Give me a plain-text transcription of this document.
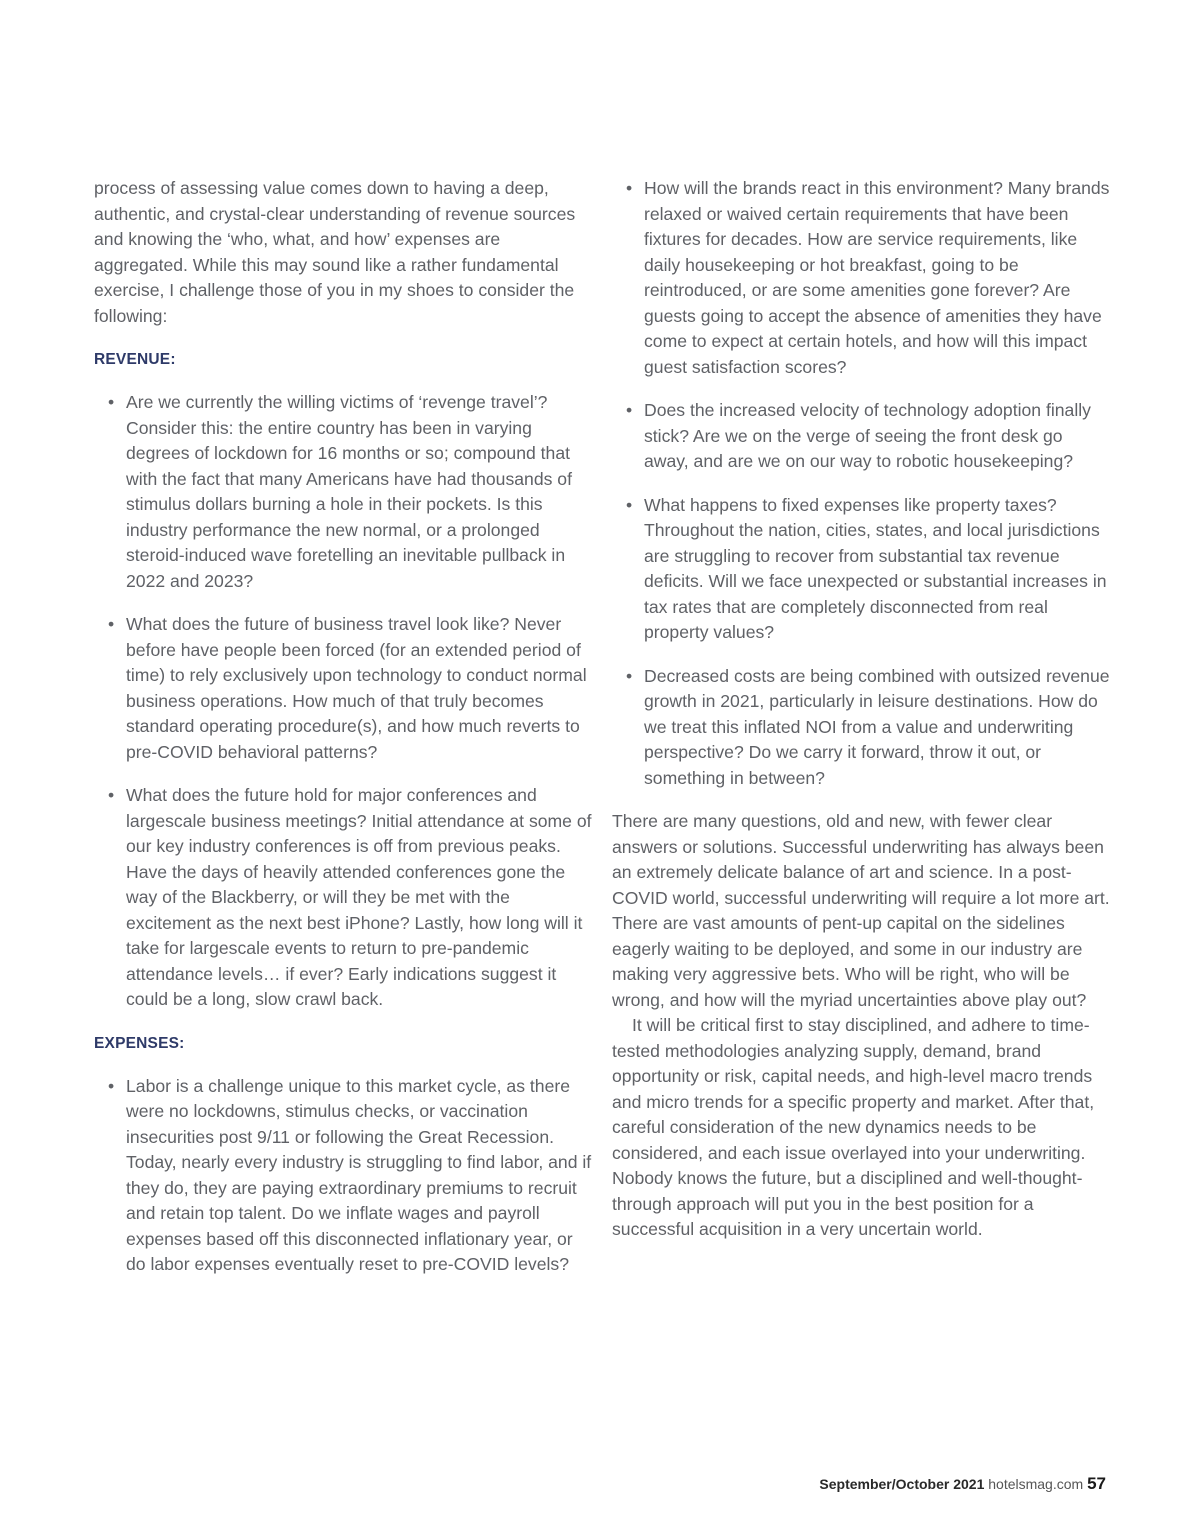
process of assessing value comes down to having a deep, authentic, and crystal-clear understanding of revenue sources and knowing the ‘who, what, and how’ expenses are aggregated. While this may sound like a rather fundamental exercise, I challenge those of you in my shoes to consider the following:

REVENUE:

• Are we currently the willing victims of ‘revenge travel’? Consider this: the entire country has been in varying degrees of lockdown for 16 months or so; compound that with the fact that many Americans have had thousands of stimulus dollars burning a hole in their pockets. Is this industry performance the new normal, or a prolonged steroid-induced wave foretelling an inevitable pullback in 2022 and 2023?
• What does the future of business travel look like? Never before have people been forced (for an extended period of time) to rely exclusively upon technology to conduct normal business operations. How much of that truly becomes standard operating procedure(s), and how much reverts to pre-COVID behavioral patterns?
• What does the future hold for major conferences and largescale business meetings? Initial attendance at some of our key industry conferences is off from previous peaks. Have the days of heavily attended conferences gone the way of the Blackberry, or will they be met with the excitement as the next best iPhone? Lastly, how long will it take for largescale events to return to pre-pandemic attendance levels… if ever? Early indications suggest it could be a long, slow crawl back.

EXPENSES:

• Labor is a challenge unique to this market cycle, as there were no lockdowns, stimulus checks, or vaccination insecurities post 9/11 or following the Great Recession. Today, nearly every industry is struggling to find labor, and if they do, they are paying extraordinary premiums to recruit and retain top talent. Do we inflate wages and payroll expenses based off this disconnected inflationary year, or do labor expenses eventually reset to pre-COVID levels?
• How will the brands react in this environment? Many brands relaxed or waived certain requirements that have been fixtures for decades. How are service requirements, like daily housekeeping or hot breakfast, going to be reintroduced, or are some amenities gone forever? Are guests going to accept the absence of amenities they have come to expect at certain hotels, and how will this impact guest satisfaction scores?
• Does the increased velocity of technology adoption finally stick? Are we on the verge of seeing the front desk go away, and are we on our way to robotic housekeeping?
• What happens to fixed expenses like property taxes? Throughout the nation, cities, states, and local jurisdictions are struggling to recover from substantial tax revenue deficits. Will we face unexpected or substantial increases in tax rates that are completely disconnected from real property values?
• Decreased costs are being combined with outsized revenue growth in 2021, particularly in leisure destinations. How do we treat this inflated NOI from a value and underwriting perspective? Do we carry it forward, throw it out, or something in between?

There are many questions, old and new, with fewer clear answers or solutions. Successful underwriting has always been an extremely delicate balance of art and science. In a post-COVID world, successful underwriting will require a lot more art. There are vast amounts of pent-up capital on the sidelines eagerly waiting to be deployed, and some in our industry are making very aggressive bets. Who will be right, who will be wrong, and how will the myriad uncertainties above play out?

It will be critical first to stay disciplined, and adhere to time-tested methodologies analyzing supply, demand, brand opportunity or risk, capital needs, and high-level macro trends and micro trends for a specific property and market. After that, careful consideration of the new dynamics needs to be considered, and each issue overlayed into your underwriting. Nobody knows the future, but a disciplined and well-thought-through approach will put you in the best position for a successful acquisition in a very uncertain world.

September/October 2021 hotelsmag.com 57
